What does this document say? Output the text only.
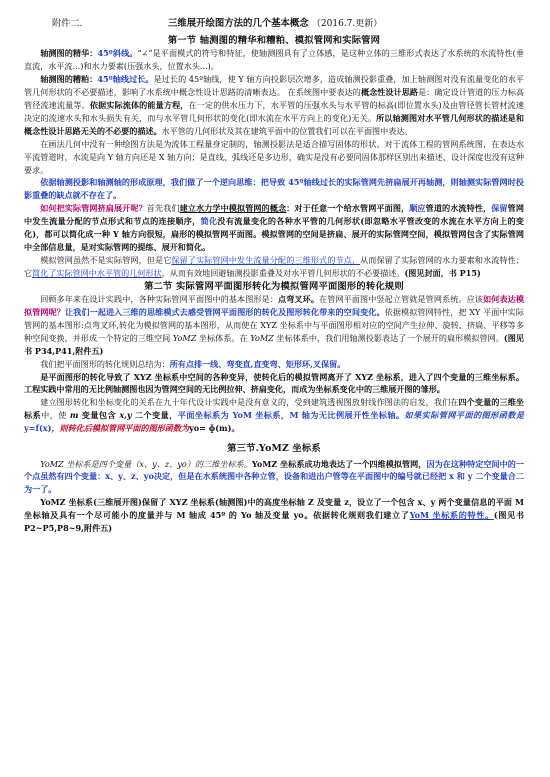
附件二.	三维展开绘图方法的几个基本概念 （2016.7.更新）
第一节 轴测图的精华和糟粕、模拟管网和实际管网

轴测图的精华：45º斜线。“∠”是平面模式的符号和特征，使轴测图具有了立体感，是这种立体的三维形式表达了水系统的水流特性(垂直流，水平流...)和水力要素(压强水头，位置水头...)。

轴测图的糟粕：45º轴线过长。是过长的 45º轴线，使 Y 轴方向投影层次增多，造成轴测投影重叠，加上轴测图对没有流量变化的水平管几何形状的不必要描述，影响了水系统中概念性设计思路的清晰表达。 在系统图中要表达的概念性设计思路是：确定设计管道的压力标高管径流速流量等。依据实际流体的能量方程，在一定的供水压力下，水平管的压强水头与水平管的标高(即位置水头)及由管径管长管材流速决定的流速水头和水头损失有关，而与水平管几何形状的变化(即水流在水平方向上的变化)无关。所以轴测图对水平管几何形状的描述是和概念性设计思路无关的不必要的描述。水平管的几何形状及其在建筑平面中的位置我们可以在平面图中表达。

在画法几何中没有一种绘图方法是为流体工程量身定制的，轴测投影法是适合描写固体的形状。对于流体工程的管网系统图，在表达水平流管道时，水流是向 Y 轴方向还是 X 轴方向；是直线、弧线还是多边形，确实是没有必要同固体那样区别出来描述，设计深度也没有这种要求。

依据轴测投影和轴测轴的形成原理，我们做了一个逆向思维：把导致 45º轴线过长的实际管网先挤扁展开再轴测，则轴测实际管网时投影重叠的缺点就不存在了。

如何把实际管网挤扁展开呢？首先我们建立水力学中模拟管网的概念：对于任意一个给水管网平面图，顺应管道的水流特性，保留管网中发生流量分配的节点形式和节点的连接顺序，简化没有流量变化的各种水平管的几何形状(即忽略水平管改变的水流在水平方向上的变化)，都可以简化成一种 Y 轴方向很短，扁形的模拟管网平面图。模拟管网的空间是挤扁、展开的实际管网空间，模拟管网包含了实际管网中全部信息量，是对实际管网的提练、展开和简化。

模拟管网虽然不是实际管网，但是它保留了实际管网中发生流量分配的三维形式的节点，从而保留了实际管网的水力要素和水流特性；它简化了实际管网中水平管的几何形状，从而有效地回避轴测投影重叠及对水平管几何形状的不必要描述。(图见封面，书 P15)

第二节 实际管网平面图形转化为模拟管网平面图形的转化规则

回顾多年来在设计实践中，各种实际管网平面图中的基本图形是：点弯叉环。在管网平面图中竖起立管就是管网系统。应该如何表达模拟管网呢？让我们一起进入三维的思维模式去感受管网平面图形的转化及图形转化带来的空间变化。依据模拟管网特性，把 XY 平面中实际管网的基本图形:点弯叉环,转化为模拟管网的基本图形，从而使在 XYZ 坐标系中与平面图形相对应的空间产生拉伸、旋转、挤扁、平移等多种空间变换，并形成一个特定的三维空间 YoMZ 坐标体系。在 YoMZ 坐标体系中，我们用轴测投影表达了一个展开的扁形模拟管网。(图见书 P34,P41,附件五)

我们把平面图形的转化规则总结为：所有点排一线、弯变直,直变弯、矩形环,叉保留。

是平面图形的转化导致了 XYZ 坐标系中空间的各种变异，使转化后的模拟管网离开了 XYZ 坐标系，进入了四个变量的三维坐标系。工程实践中常用的无比例轴测图也因为管网空间的无比例拉伸、挤扁变化，而成为坐标系变化中的三维展开图的雏形。

建立图形转化和坐标变化的关系在九十年代设计实践中是没有意义的，受到建筑透视图放射线作图法的启发，我们在四个变量的三维坐标系中，使 m 变量包含 x,y 二个变量，平面坐标系为 YoM 坐标系，M 轴为无比例展开性坐标轴。如果实际管网平面的图形函数是y=f(x)，则转化后模拟管网平面的图形函数为yo= ɸ(m)。

第三节.YoMZ 坐标系

YoMZ 坐标系是四个变量（x、y、z、yo）的三维坐标系。YoMZ 坐标系成功地表达了一个四维模拟管网，因为在这种特定空间中的一个点虽然有四个变量：x、y、z、yo决定，但是在水系统图中各种立管，设备和进出户管等在平面图中的编号就已经把 x 和 y 二个变量合二为一了。

YoMZ 坐标系(三维展开图)保留了 XYZ 坐标系(轴测图)中的高度坐标轴 Z 及变量 z，设立了一个包含 x、y 两个变量信息的平面 M 坐标轴及具有一个尽可能小的度量并与 M 轴成 45º 的 Yo 轴及变量 yo。依据转化规则我们建立了YoM 坐标系的特性。(图见书 P2~P5,P8~9,附件五)
